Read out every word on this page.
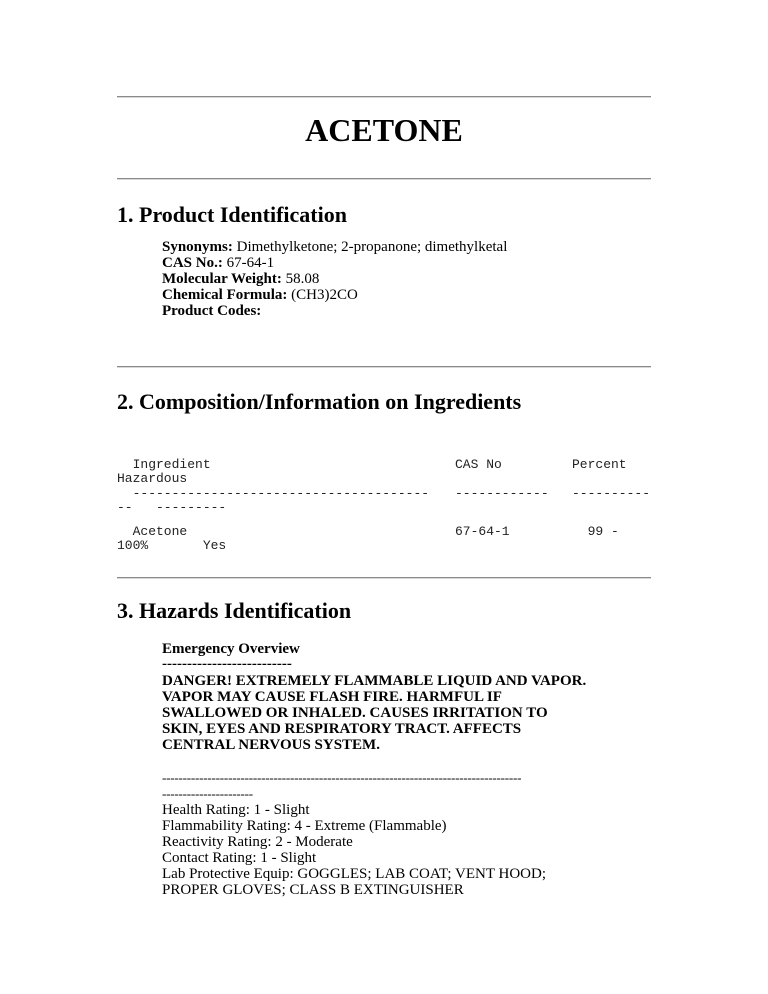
ACETONE
1. Product Identification
Synonyms: Dimethylketone; 2-propanone; dimethylketal
CAS No.: 67-64-1
Molecular Weight: 58.08
Chemical Formula: (CH3)2CO
Product Codes:
2. Composition/Information on Ingredients
Ingredient
Hazardous
CAS No	Percent
--------------------------------------
--   ---------
------------ ----------
Acetone
100%       Yes
67-64-1	99 -
3. Hazards Identification
Emergency Overview
--------------------------
DANGER! EXTREMELY FLAMMABLE LIQUID AND VAPOR.
VAPOR MAY CAUSE FLASH FIRE. HARMFUL IF
SWALLOWED OR INHALED. CAUSES IRRITATION TO
SKIN, EYES AND RESPIRATORY TRACT. AFFECTS
CENTRAL NERVOUS SYSTEM.
---------------------------------------------------------------------------------------
----------------------
Health Rating: 1 - Slight
Flammability Rating: 4 - Extreme (Flammable)
Reactivity Rating: 2 - Moderate
Contact Rating: 1 - Slight
Lab Protective Equip: GOGGLES; LAB COAT; VENT HOOD;
PROPER GLOVES; CLASS B EXTINGUISHER
